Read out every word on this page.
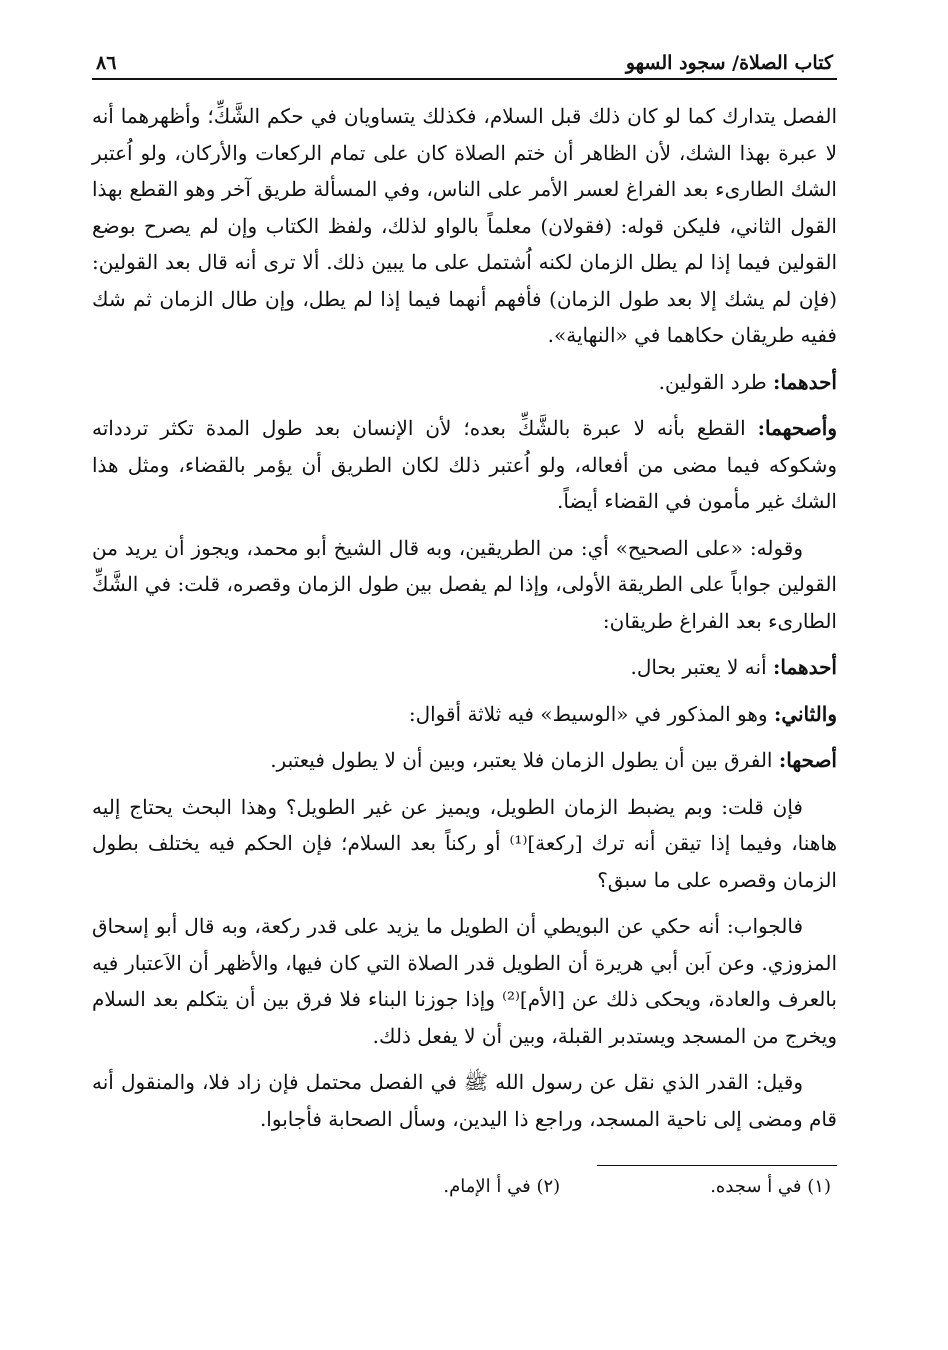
كتاب الصلاة/ سجود السهو
٨٦

الفصل يتدارك كما لو كان ذلك قبل السلام، فكذلك يتساويان في حكم الشَّكِّ؛ وأظهرهما أنه لا عبرة بهذا الشك، لأن الظاهر أن ختم الصلاة كان على تمام الركعات والأركان، ولو اُعتبر الشك الطارىء بعد الفراغ لعسر الأمر على الناس، وفي المسألة طريق آخر وهو القطع بهذا القول الثاني، فليكن قوله: (فقولان) معلماً بالواو لذلك، ولفظ الكتاب وإن لم يصرح بوضع القولين فيما إذا لم يطل الزمان لكنه اُشتمل على ما يبين ذلك. ألا ترى أنه قال بعد القولين: (فإن لم يشك إلا بعد طول الزمان) فأفهم أنهما فيما إذا لم يطل، وإن طال الزمان ثم شك ففيه طريقان حكاهما في «النهاية».

أحدهما: طرد القولين.

وأصحهما: القطع بأنه لا عبرة بالشَّكِّ بعده؛ لأن الإنسان بعد طول المدة تكثر تردداته وشكوكه فيما مضى من أفعاله، ولو اُعتبر ذلك لكان الطريق أن يؤمر بالقضاء، ومثل هذا الشك غير مأمون في القضاء أيضاً.

وقوله: «على الصحيح» أي: من الطريقين، وبه قال الشيخ أبو محمد، ويجوز أن يريد من القولين جواباً على الطريقة الأولى، وإذا لم يفصل بين طول الزمان وقصره، قلت: في الشَّكِّ الطارىء بعد الفراغ طريقان:

أحدهما: أنه لا يعتبر بحال.

والثاني: وهو المذكور في «الوسيط» فيه ثلاثة أقوال:

أصحها: الفرق بين أن يطول الزمان فلا يعتبر، وبين أن لا يطول فيعتبر.

فإن قلت: وبم يضبط الزمان الطويل، ويميز عن غير الطويل؟ وهذا البحث يحتاج إليه هاهنا، وفيما إذا تيقن أنه ترك [ركعة]⁽¹⁾ أو ركناً بعد السلام؛ فإن الحكم فيه يختلف بطول الزمان وقصره على ما سبق؟

فالجواب: أنه حكي عن البويطي أن الطويل ما يزيد على قدر ركعة، وبه قال أبو إسحاق المزوزي. وعن اَبن أبي هريرة أن الطويل قدر الصلاة التي كان فيها، والأظهر أن الاَعتبار فيه بالعرف والعادة، ويحكى ذلك عن [الأم]⁽²⁾ وإذا جوزنا البناء فلا فرق بين أن يتكلم بعد السلام ويخرج من المسجد ويستدبر القبلة، وبين أن لا يفعل ذلك.

وقيل: القدر الذي نقل عن رسول الله ﷺ في الفصل محتمل فإن زاد فلا، والمنقول أنه قام ومضى إلى ناحية المسجد، وراجع ذا اليدين، وسأل الصحابة فأجابوا.

(١) في أ سجده.
(٢) في أ الإمام.
